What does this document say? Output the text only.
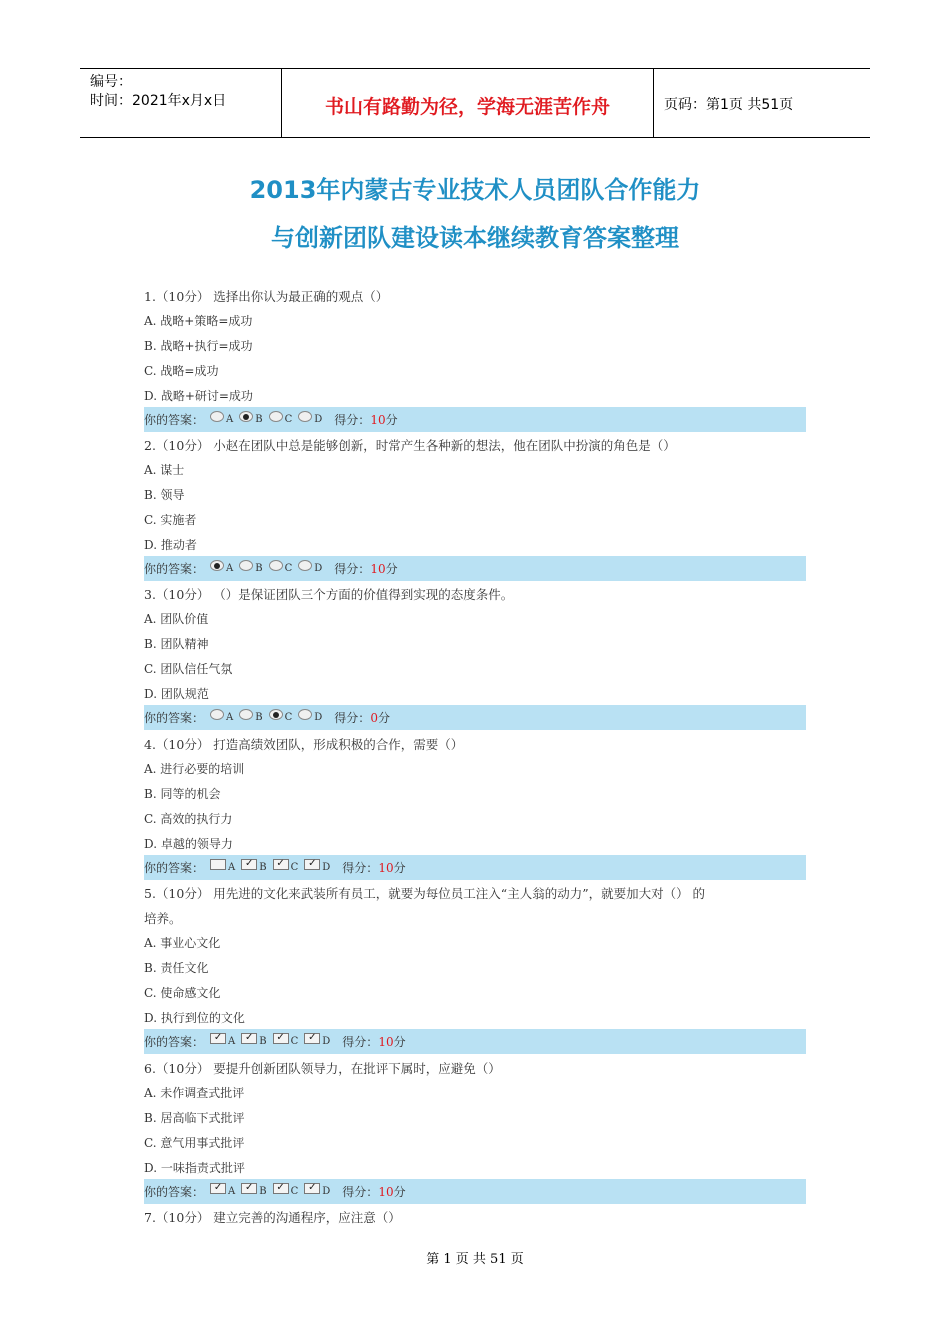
编号：
时间：2021年x月x日	书山有路勤为径，学海无涯苦作舟	页码：第1页 共51页
2013年内蒙古专业技术人员团队合作能力
与创新团队建设读本继续教育答案整理
1.（10分） 选择出你认为最正确的观点（）
A. 战略+策略=成功
B. 战略+执行=成功
C. 战略=成功
D. 战略+研讨=成功
你的答案： A B C D 得分：10分
2.（10分） 小赵在团队中总是能够创新，时常产生各种新的想法，他在团队中扮演的角色是（）
A. 谋士
B. 领导
C. 实施者
D. 推动者
你的答案： A B C D 得分：10分
3.（10分） （）是保证团队三个方面的价值得到实现的态度条件。
A. 团队价值
B. 团队精神
C. 团队信任气氛
D. 团队规范
你的答案： A B C D 得分：0分
4.（10分） 打造高绩效团队，形成积极的合作，需要（）
A. 进行必要的培训
B. 同等的机会
C. 高效的执行力
D. 卓越的领导力
你的答案： A ✓ B ✓ C ✓ D 得分：10分
5.（10分） 用先进的文化来武装所有员工，就要为每位员工注入“主人翁的动力”，就要加大对（） 的
培养。
A. 事业心文化
B. 责任文化
C. 使命感文化
D. 执行到位的文化
你的答案： ✓ A ✓ B ✓ C ✓ D 得分：10分
6.（10分） 要提升创新团队领导力，在批评下属时，应避免（）
A. 未作调查式批评
B. 居高临下式批评
C. 意气用事式批评
D. 一味指责式批评
你的答案： ✓ A ✓ B ✓ C ✓ D 得分：10分
7.（10分） 建立完善的沟通程序，应注意（）
第 1 页 共 51 页
